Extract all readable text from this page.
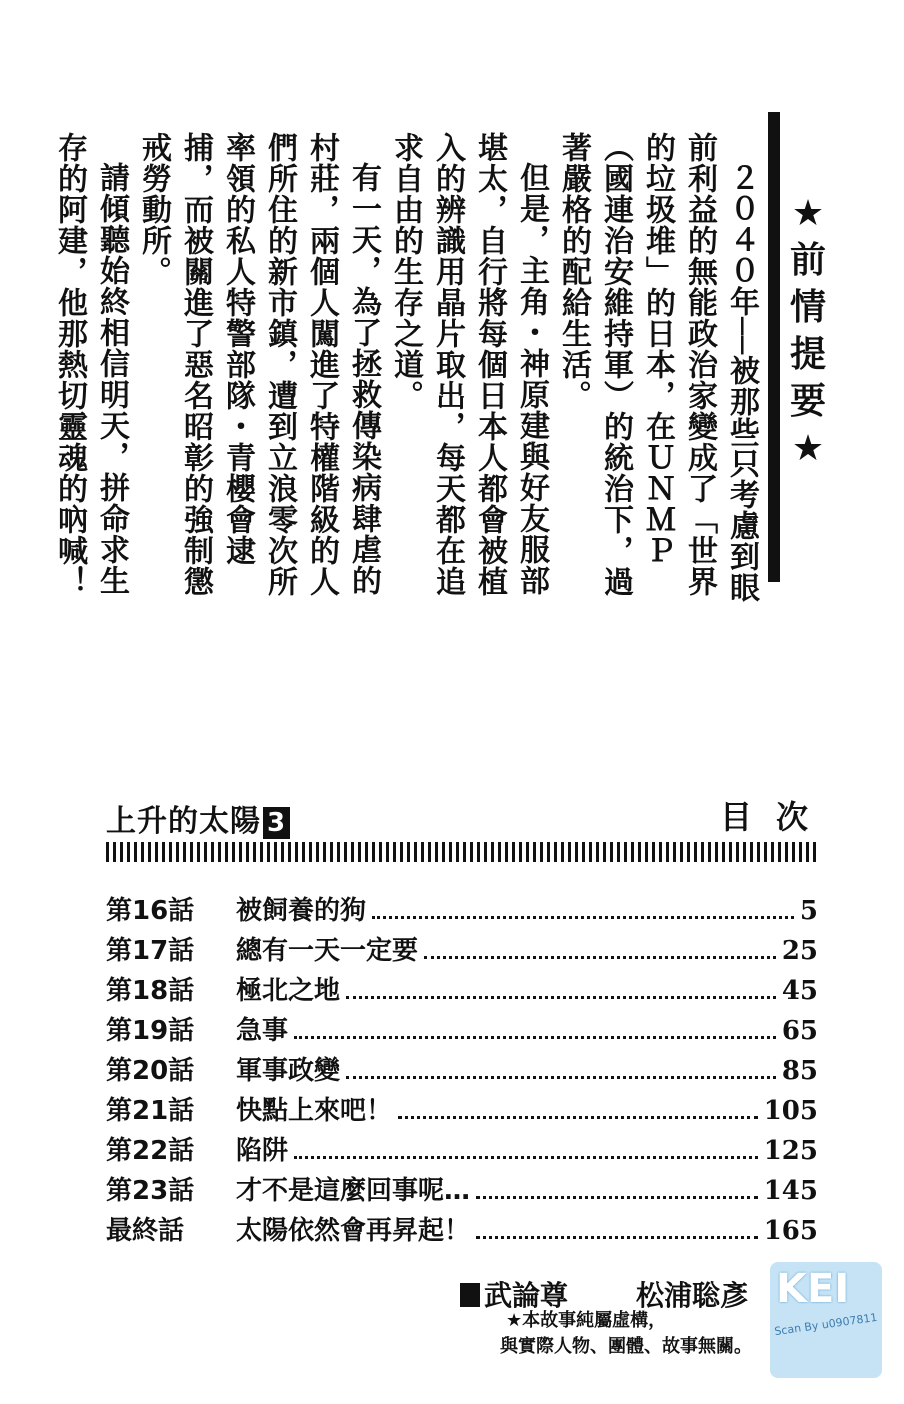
★
前
情
提
要
★

２０４０年──被那些只考慮到眼前利益的無能政治家變成了「世界的垃圾堆」的日本，在ＵＮＭＰ（國連治安維持軍）的統治下，過著嚴格的配給生活。

但是，主角・神原建與好友服部堪太，自行將每個日本人都會被植入的辨識用晶片取出，每天都在追求自由的生存之道。

有一天，為了拯救傳染病肆虐的村莊，兩個人闖進了特權階級的人們所住的新市鎮，遭到立浪零次所率領的私人特警部隊・青櫻會逮捕，而被關進了惡名昭彰的強制懲戒勞動所。

請傾聽始終相信明天，拼命求生存的阿建，他那熱切靈魂的吶喊！

上升的太陽 3	目次
第16話	被飼養的狗	5
第17話	總有一天一定要	25
第18話	極北之地	45
第19話	急事	65
第20話	軍事政變	85
第21話	快點上來吧！	105
第22話	陷阱	125
第23話	才不是這麼回事呢…	145
最終話	太陽依然會再昇起！	165
武論尊 松浦聡彥
★本故事純屬虛構，
與實際人物、團體、故事無關。
KEI
Scan By u0907811
